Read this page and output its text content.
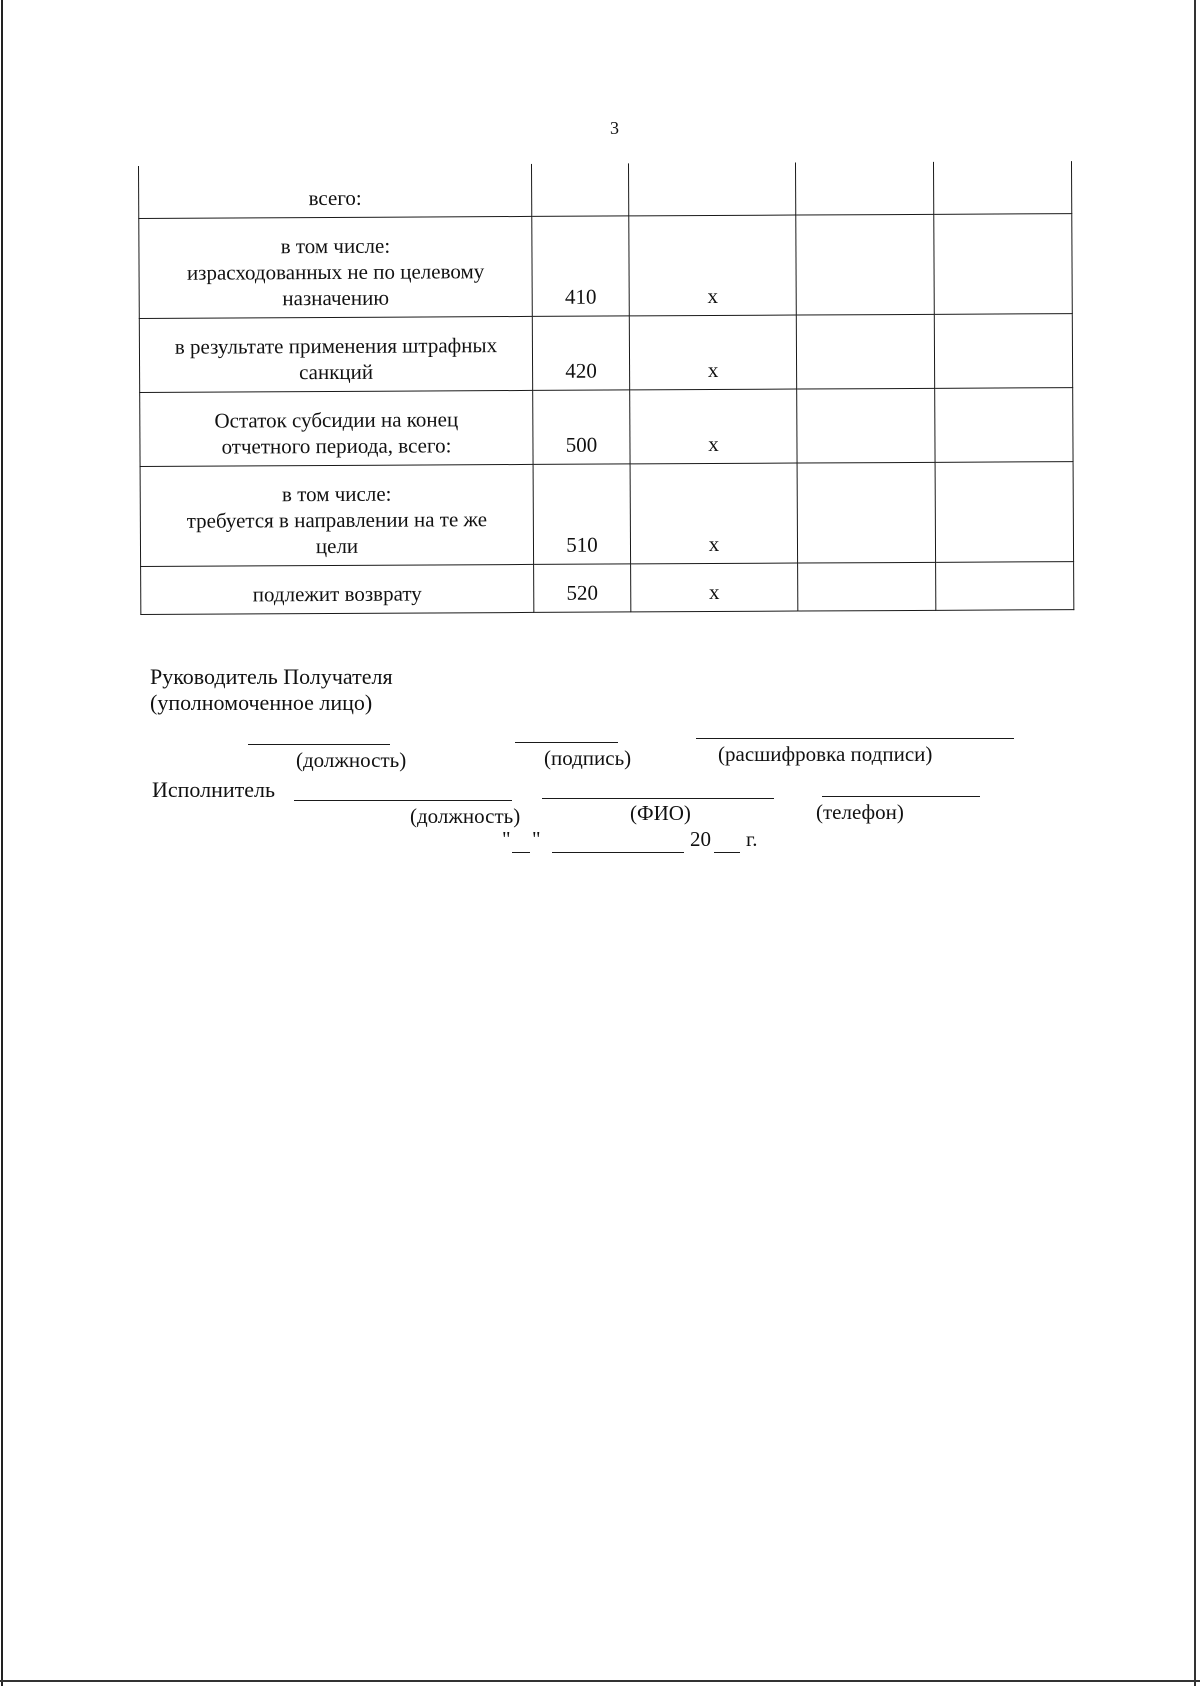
3
всего:				
в том числе:
израсходованных не по целевому
назначению	410	х		
в результате применения штрафных
санкций	420	х		
Остаток субсидии на конец
отчетного периода, всего:	500	х		
в том числе:
требуется в направлении на те же
цели	510	х		
подлежит возврату	520	х		
Руководитель Получателя
(уполномоченное лицо)
(должность)	(подпись)	(расшифровка подписи)
Исполнитель
(должность)	(ФИО)	(телефон)
" "	20 г.
